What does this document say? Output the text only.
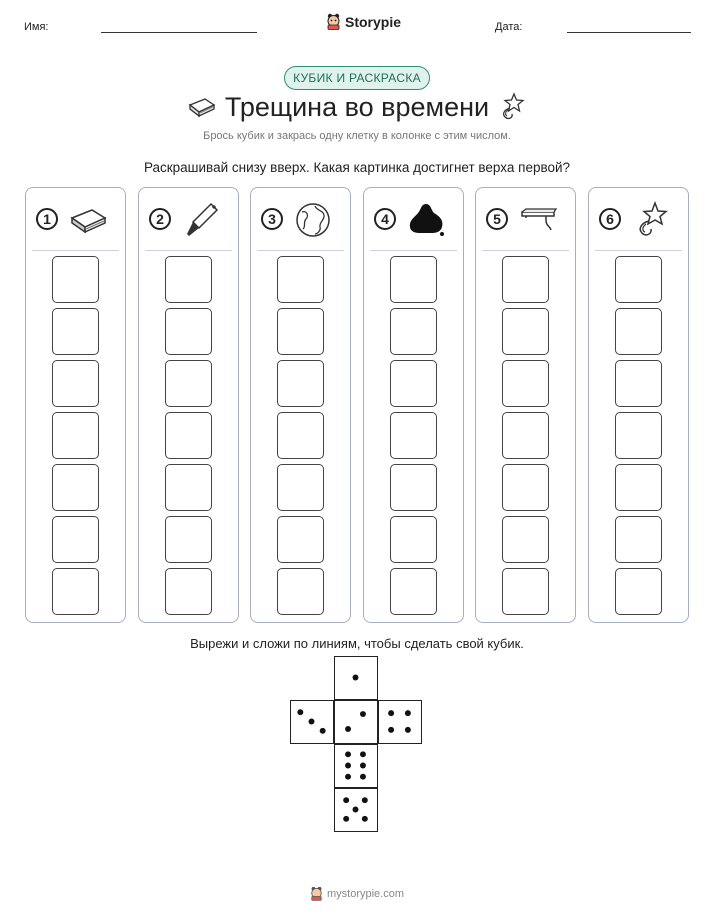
Имя:	Storypie	Дата:
КУБИК И РАСКРАСКА
Трещина во времени
Брось кубик и закрась одну клетку в колонке с этим числом.
Раскрашивай снизу вверх. Какая картинка достигнет верха первой?
1	2	3	4	5	6
Вырежи и сложи по линиям, чтобы сделать свой кубик.
mystorypie.com
